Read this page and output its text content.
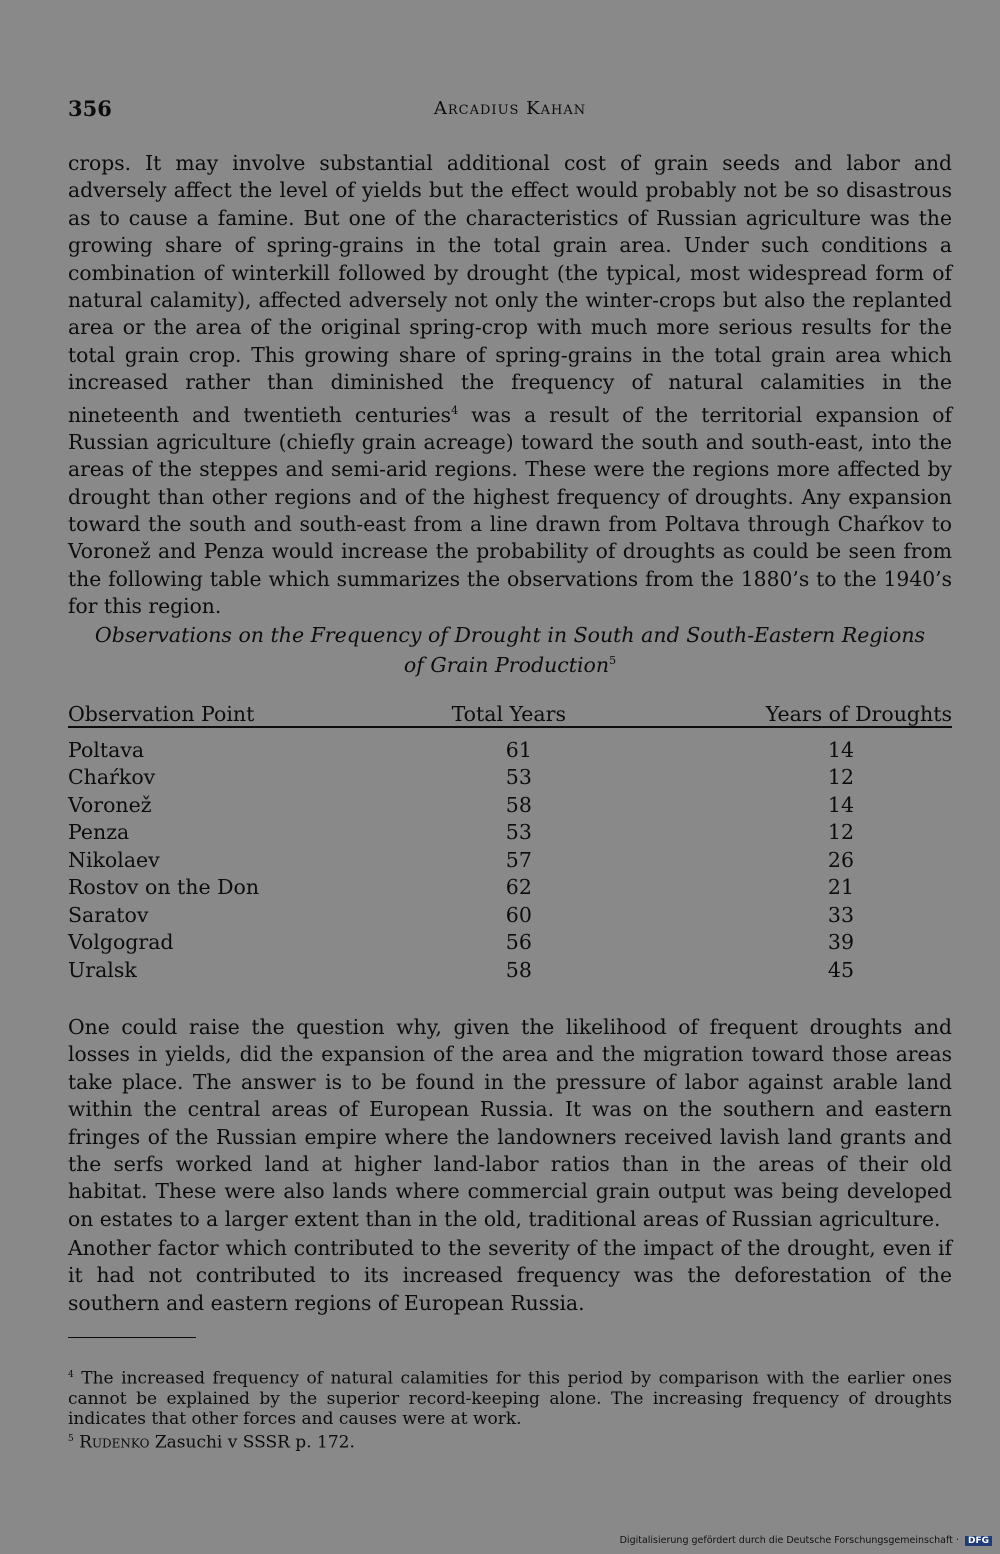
356	Arcadius Kahan

crops. It may involve substantial additional cost of grain seeds and labor and adversely affect the level of yields but the effect would probably not be so disastrous as to cause a famine. But one of the characteristics of Russian agriculture was the growing share of spring-grains in the total grain area. Under such conditions a combination of winterkill followed by drought (the typical, most widespread form of natural calamity), affected adversely not only the winter-crops but also the replanted area or the area of the original spring-crop with much more serious results for the total grain crop. This growing share of spring-grains in the total grain area which increased rather than diminished the frequency of natural calamities in the nineteenth and twentieth centuries$^4$ was a result of the territorial expansion of Russian agriculture (chiefly grain acreage) toward the south and south-east, into the areas of the steppes and semi-arid regions. These were the regions more affected by drought than other regions and of the highest frequency of droughts. Any expansion toward the south and south-east from a line drawn from Poltava through Chaŕkov to Voronež and Penza would increase the probability of droughts as could be seen from the following table which summarizes the observations from the 1880’s to the 1940’s for this region.

Observations on the Frequency of Drought in South and South-Eastern Regions
of Grain Production$^5$
Observation Point	Total Years	Years of Droughts
Poltava	61	14
Chaŕkov	53	12
Voronež	58	14
Penza	53	12
Nikolaev	57	26
Rostov on the Don	62	21
Saratov	60	33
Volgograd	56	39
Uralsk	58	45

One could raise the question why, given the likelihood of frequent droughts and losses in yields, did the expansion of the area and the migration toward those areas take place. The answer is to be found in the pressure of labor against arable land within the central areas of European Russia. It was on the southern and eastern fringes of the Russian empire where the landowners received lavish land grants and the serfs worked land at higher land-labor ratios than in the areas of their old habitat. These were also lands where commercial grain output was being developed on estates to a larger extent than in the old, traditional areas of Russian agriculture.

Another factor which contributed to the severity of the impact of the drought, even if it had not contributed to its increased frequency was the deforestation of the southern and eastern regions of European Russia.

$^4$ The increased frequency of natural calamities for this period by comparison with the earlier ones cannot be explained by the superior record-keeping alone. The increasing frequency of droughts indicates that other forces and causes were at work.

$^5$ Rudenko Zasuchi v SSSR p. 172.

Digitalisierung gefördert durch die Deutsche Forschungsgemeinschaft · DFG
